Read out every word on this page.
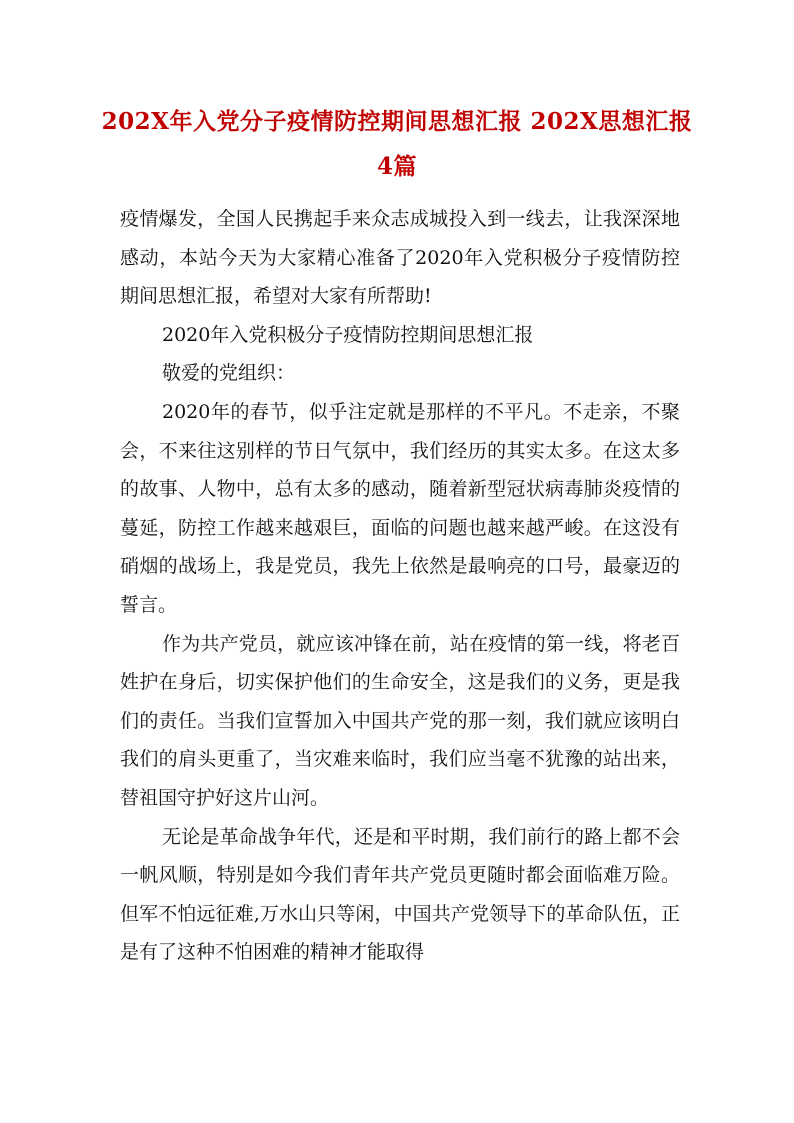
202X年入党分子疫情防控期间思想汇报 202X思想汇报4篇

疫情爆发，全国人民携起手来众志成城投入到一线去，让我深深地感动，本站今天为大家精心准备了2020年入党积极分子疫情防控期间思想汇报，希望对大家有所帮助!

2020年入党积极分子疫情防控期间思想汇报

敬爱的党组织：

2020年的春节，似乎注定就是那样的不平凡。不走亲，不聚会，不来往这别样的节日气氛中，我们经历的其实太多。在这太多的故事、人物中，总有太多的感动，随着新型冠状病毒肺炎疫情的蔓延，防控工作越来越艰巨，面临的问题也越来越严峻。在这没有硝烟的战场上，我是党员，我先上依然是最响亮的口号，最豪迈的誓言。

作为共产党员，就应该冲锋在前，站在疫情的第一线，将老百姓护在身后，切实保护他们的生命安全，这是我们的义务，更是我们的责任。当我们宣誓加入中国共产党的那一刻，我们就应该明白我们的肩头更重了，当灾难来临时，我们应当毫不犹豫的站出来，替祖国守护好这片山河。

无论是革命战争年代，还是和平时期，我们前行的路上都不会一帆风顺，特别是如今我们青年共产党员更随时都会面临难万险。但军不怕远征难,万水山只等闲，中国共产党领导下的革命队伍，正是有了这种不怕困难的精神才能取得
